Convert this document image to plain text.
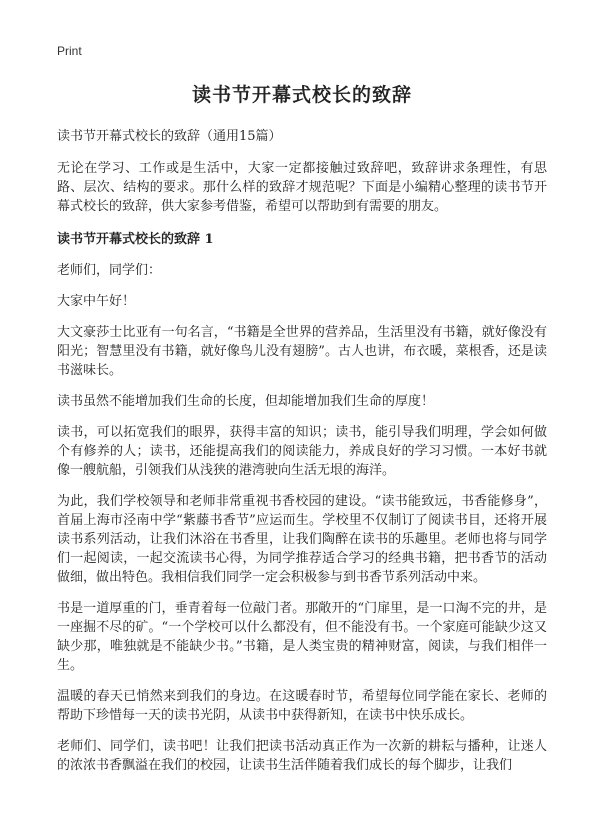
Print
读书节开幕式校长的致辞

读书节开幕式校长的致辞（通用15篇）

无论在学习、工作或是生活中，大家一定都接触过致辞吧，致辞讲求条理性，有思路、层次、结构的要求。那什么样的致辞才规范呢？下面是小编精心整理的读书节开幕式校长的致辞，供大家参考借鉴，希望可以帮助到有需要的朋友。

读书节开幕式校长的致辞 1

老师们，同学们：

大家中午好！

大文豪莎士比亚有一句名言，“书籍是全世界的营养品，生活里没有书籍，就好像没有阳光；智慧里没有书籍，就好像鸟儿没有翅膀”。古人也讲，布衣暖，菜根香，还是读书滋味长。

读书虽然不能增加我们生命的长度，但却能增加我们生命的厚度！

读书，可以拓宽我们的眼界，获得丰富的知识；读书，能引导我们明理，学会如何做个有修养的人；读书，还能提高我们的阅读能力，养成良好的学习习惯。一本好书就像一艘航船，引领我们从浅狭的港湾驶向生活无垠的海洋。

为此，我们学校领导和老师非常重视书香校园的建设。“读书能致远，书香能修身”，首届上海市泾南中学“紫藤书香节”应运而生。学校里不仅制订了阅读书目，还将开展读书系列活动，让我们沐浴在书香里，让我们陶醉在读书的乐趣里。老师也将与同学们一起阅读，一起交流读书心得，为同学推荐适合学习的经典书籍，把书香节的活动做细，做出特色。我相信我们同学一定会积极参与到书香节系列活动中来。

书是一道厚重的门，垂青着每一位敲门者。那敞开的“门扉里，是一口淘不完的井，是一座掘不尽的矿。“一个学校可以什么都没有，但不能没有书。一个家庭可能缺少这又缺少那，唯独就是不能缺少书。”书籍，是人类宝贵的精神财富，阅读，与我们相伴一生。

温暖的春天已悄然来到我们的身边。在这暖春时节，希望每位同学能在家长、老师的帮助下珍惜每一天的读书光阴，从读书中获得新知，在读书中快乐成长。

老师们、同学们，读书吧！让我们把读书活动真正作为一次新的耕耘与播种，让迷人的浓浓书香飘溢在我们的校园，让读书生活伴随着我们成长的每个脚步，让我们
